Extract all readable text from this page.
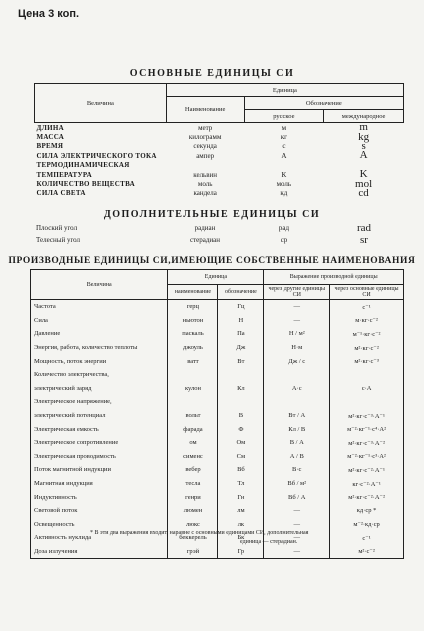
Цена 3 коп.
ОСНОВНЫЕ ЕДИНИЦЫ СИ
Величина	Единица		
	Наименование	Обозначение	
		русское	международное
ДЛИНА	метр	м	m
МАССА	килограмм	кг	kg
ВРЕМЯ	секунда	с	s
СИЛА ЭЛЕКТРИЧЕСКОГО ТОКА	ампер	А	A
ТЕРМОДИНАМИЧЕСКАЯ			
ТЕМПЕРАТУРА	кельвин	К	K
КОЛИЧЕСТВО ВЕЩЕСТВА	моль	моль	mol
СИЛА СВЕТА	кандела	кд	cd
ДОПОЛНИТЕЛЬНЫЕ ЕДИНИЦЫ СИ
Плоский угол	радиан	рад	rad
Телесный угол	стерадиан	ср	sr
ПРОИЗВОДНЫЕ ЕДИНИЦЫ СИ,ИМЕЮЩИЕ СОБСТВЕННЫЕ НАИМЕНОВАНИЯ
Величина	Единица		Выражение производной единицы	
	наименование	обозначение	через другие единицы СИ	через основные единицы СИ
Частота	герц	Гц	—	с⁻¹
Сила	ньютон	Н	—	м·кг·с⁻²
Давление	паскаль	Па	Н / м²	м⁻¹·кг·с⁻²
Энергия, работа, количество теплоты	джоуль	Дж	Н·м	м²·кг·с⁻²
Мощность, поток энергии	ватт	Вт	Дж / с	м²·кг·с⁻³
Количество электричества,				
электрический заряд	кулон	Кл	А·с	с·А
Электрическое напряжение,				
электрический потенциал	вольт	В	Вт / А	м²·кг·с⁻³·А⁻¹
Электрическая емкость	фарада	Ф	Кл / В	м⁻²·кг⁻¹·с⁴·А²
Электрическое сопротивление	ом	Ом	В / А	м²·кг·с⁻³·А⁻²
Электрическая проводимость	сименс	См	А / В	м⁻²·кг⁻¹·с³·А²
Поток магнитной индукции	вебер	Вб	В·с	м²·кг·с⁻²·А⁻¹
Магнитная индукция	тесла	Тл	Вб / м²	кг·с⁻²·А⁻¹
Индуктивность	генри	Гн	Вб / А	м²·кг·с⁻²·А⁻²
Световой поток	люмен	лм	—	кд·ср *
Освещенность	люкс	лк	—	м⁻²·кд·ср
Активность нуклида	беккерель	Бк	—	с⁻¹
Доза излучения	грэй	Гр	—	м²·с⁻²
* В эти два выражения входит, наравне с основными единицами СИ, дополнительная
единица — стерадиан.
